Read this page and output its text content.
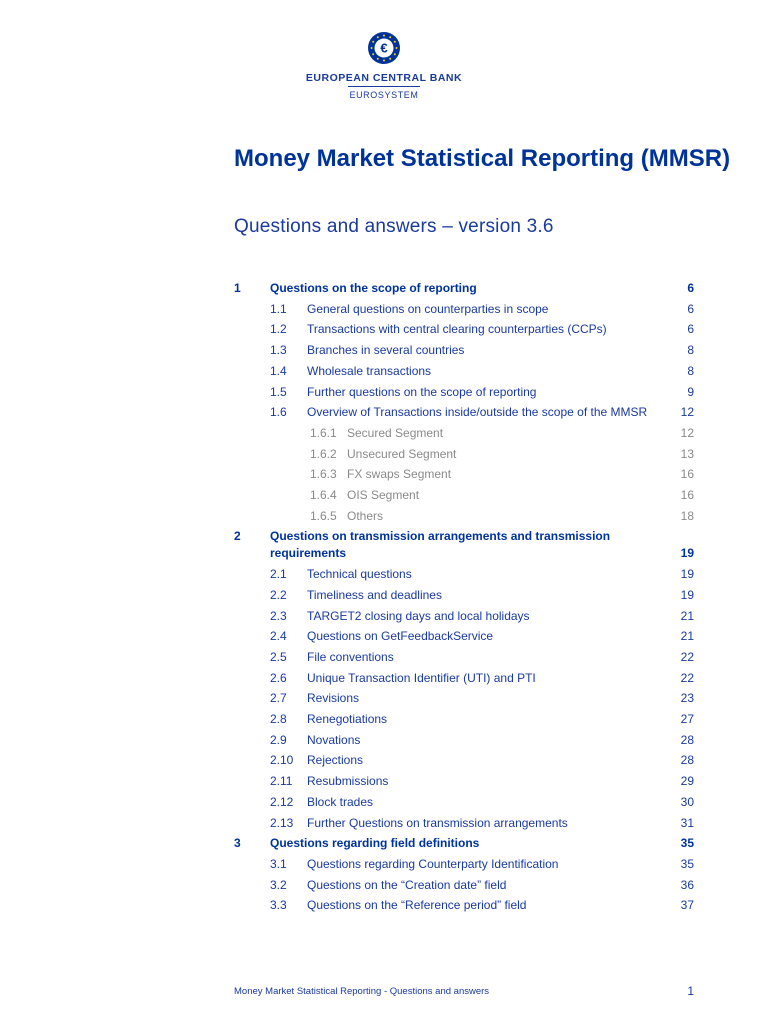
€
EUROPEAN CENTRAL BANK
EUROSYSTEM
Money Market Statistical Reporting (MMSR)
Questions and answers – version 3.6
1 Questions on the scope of reporting	6
1.1 General questions on counterparties in scope	6
1.2 Transactions with central clearing counterparties (CCPs)	6
1.3 Branches in several countries	8
1.4 Wholesale transactions	8
1.5 Further questions on the scope of reporting	9
1.6 Overview of Transactions inside/outside the scope of the MMSR	12
1.6.1 Secured Segment	12
1.6.2 Unsecured Segment	13
1.6.3 FX swaps Segment	16
1.6.4 OIS Segment	16
1.6.5 Others	18
2 Questions on transmission arrangements and transmission requirements	19
2.1 Technical questions	19
2.2 Timeliness and deadlines	19
2.3 TARGET2 closing days and local holidays	21
2.4 Questions on GetFeedbackService	21
2.5 File conventions	22
2.6 Unique Transaction Identifier (UTI) and PTI	22
2.7 Revisions	23
2.8 Renegotiations	27
2.9 Novations	28
2.10 Rejections	28
2.11 Resubmissions	29
2.12 Block trades	30
2.13 Further Questions on transmission arrangements	31
3 Questions regarding field definitions	35
3.1 Questions regarding Counterparty Identification	35
3.2 Questions on the “Creation date” field	36
3.3 Questions on the “Reference period” field	37
Money Market Statistical Reporting - Questions and answers	1
